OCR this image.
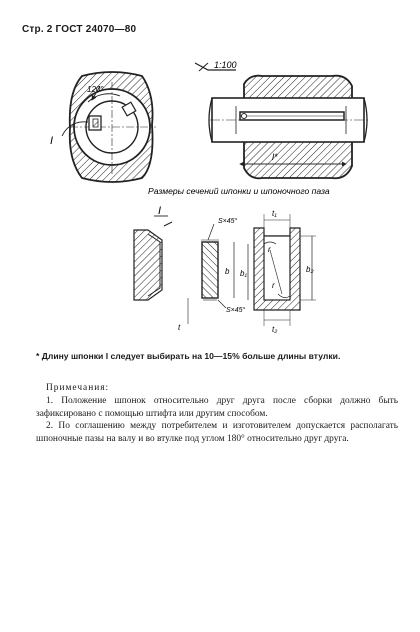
Стр. 2 ГОСТ 24070—80
120°
I
1:100
l*
Размеры сечений шпонки и шпоночного паза
I
S×45°
S×45°
b
t
r
r
b₁	b₂
t₁
t₂
* Длину шпонки l следует выбирать на 10—15% больше длины втулки.

Примечания:

1. Положение шпонок относительно друг друга после сборки должно быть зафиксировано с помощью штифта или другим способом.

2. По соглашению между потребителем и изготовителем допускается располагать шпоночные пазы на валу и во втулке под углом 180° относительно друг друга.
